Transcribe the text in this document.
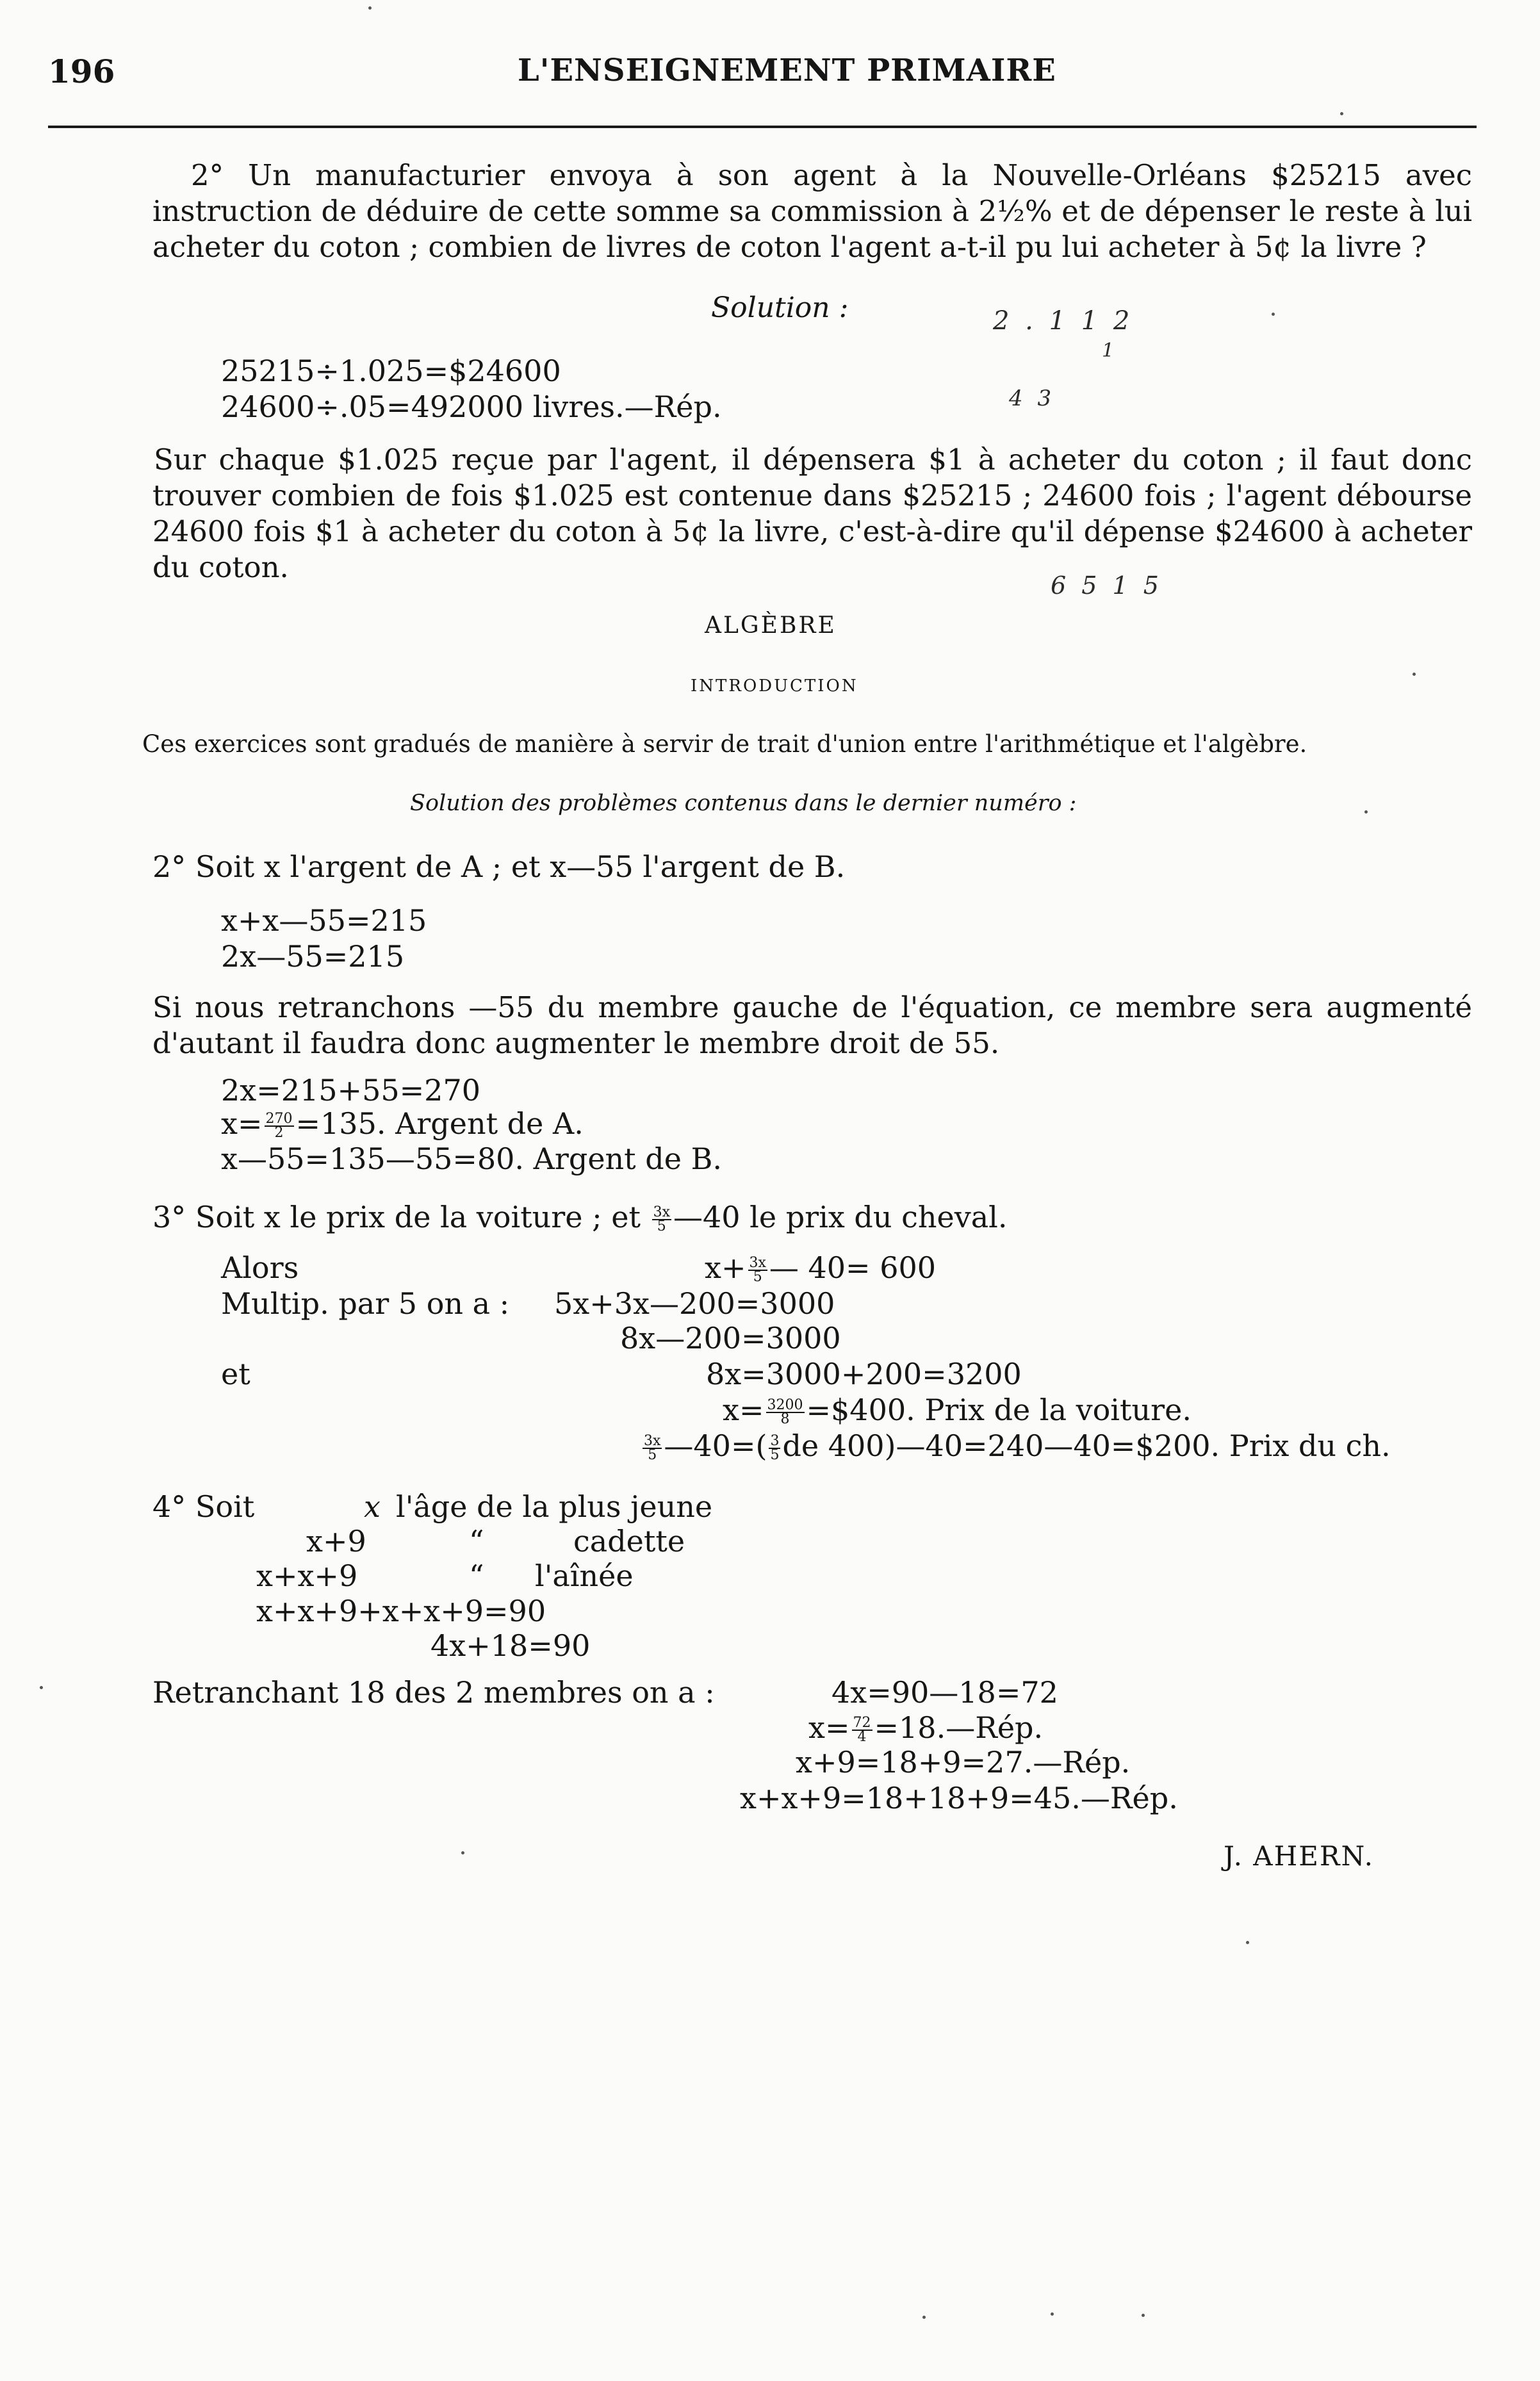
196	L'ENSEIGNEMENT PRIMAIRE
2° Un manufacturier envoya à son agent à la Nouvelle-Orléans $25215 avec instruction de déduire de cette somme sa commission à 2½% et de dépenser le reste à lui acheter du coton ; combien de livres de coton l'agent a-t-il pu lui acheter à 5¢ la livre ?
Solution :
25215÷1.025=$24600
24600÷.05=492000 livres.—Rép.
Sur chaque $1.025 reçue par l'agent, il dépensera $1 à acheter du coton ; il faut donc trouver combien de fois $1.025 est contenue dans $25215 ; 24600 fois ; l'agent débourse 24600 fois $1 à acheter du coton à 5¢ la livre, c'est-à-dire qu'il dépense $24600 à acheter du coton.
ALGÈBRE
INTRODUCTION
Ces exercices sont gradués de manière à servir de trait d'union entre l'arithmétique et l'algèbre.
Solution des problèmes contenus dans le dernier numéro :
2° Soit x l'argent de A ; et x—55 l'argent de B.
x+x—55=215
2x—55=215
Si nous retranchons —55 du membre gauche de l'équation, ce membre sera augmenté d'autant il faudra donc augmenter le membre droit de 55.
2x=215+55=270
$x= \frac{270}{2} =135$. Argent de A.
x—55=135—55=80. Argent de B.
3° Soit x le prix de la voiture ; et $\frac{3x}{5}$ —40 le prix du cheval.
Alors	$x+ \frac{3x}{5}$ — 40= 600
Multip. par 5 on a : 5x+3x—200=3000
8x—200=3000
et	8x=3000+200=3200
$x= \frac{3200}{8}$ =$400. Prix de la voiture.
$\frac{3x}{5}$ —40=( $\frac{3}{5}$ de 400)—40=240—40=$200. Prix du ch.
4° Soit	x l'âge de la plus jeune
x+9	“	cadette
x+x+9	“ l'aînée
x+x+9+x+x+9=90
4x+18=90
Retranchant 18 des 2 membres on a :	4x=90—18=72
$x= \frac{72}{4}$ =18.—Rép.
x+9=18+9=27.—Rép.
x+x+9=18+18+9=45.—Rép.
J. AHERN.
2 . 1 1 2
1
4 3
6 5 1 5
